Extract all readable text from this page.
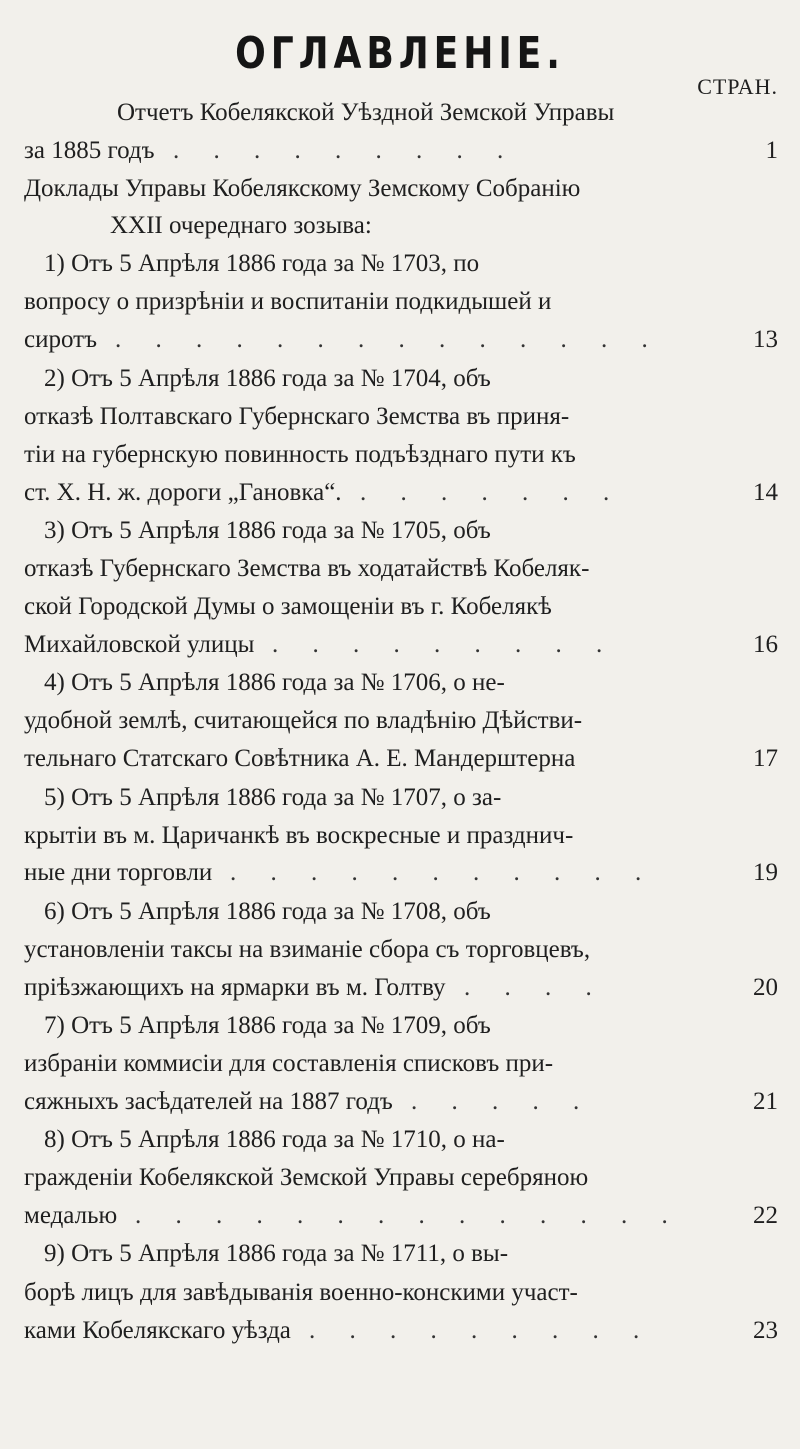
ОГЛАВЛЕНІЕ.
СТРАН.
Отчетъ Кобелякской Уѣздной Земской Управы
за 1885 годъ . . . . . . . . .	1
Доклады Управы Кобелякскому Земскому Собранію
XXII очереднаго зозыва:
1) Отъ 5 Апрѣля 1886 года за № 1703, по
вопросу о призрѣніи и воспитаніи подкидышей и
сиротъ . . . . . . . . . . . . . .	13
2) Отъ 5 Апрѣля 1886 года за № 1704, объ
отказѣ Полтавскаго Губернскаго Земства въ приня-
тіи на губернскую повинность подъѣзднаго пути къ
ст. X. Н. ж. дороги „Гановка“. . . . . . . .	14
3) Отъ 5 Апрѣля 1886 года за № 1705, объ
отказѣ Губернскаго Земства въ ходатайствѣ Кобеляк-
ской Городской Думы о замощеніи въ г. Кобелякѣ
Михайловской улицы . . . . . . . . .	16
4) Отъ 5 Апрѣля 1886 года за № 1706, о не-
удобной землѣ, считающейся по владѣнію Дѣйстви-
тельнаго Статскаго Совѣтника А. Е. Мандерштерна	17
5) Отъ 5 Апрѣля 1886 года за № 1707, о за-
крытіи въ м. Царичанкѣ въ воскресные и празднич-
ные дни торговли . . . . . . . . . . .	19
6) Отъ 5 Апрѣля 1886 года за № 1708, объ
установленіи таксы на взиманіе сбора съ торговцевъ,
пріѣзжающихъ на ярмарки въ м. Голтву . . . .	20
7) Отъ 5 Апрѣля 1886 года за № 1709, объ
избраніи коммисіи для составленія списковъ при-
сяжныхъ засѣдателей на 1887 годъ . . . . .	21
8) Отъ 5 Апрѣля 1886 года за № 1710, о на-
гражденіи Кобелякской Земской Управы серебряною
медалью . . . . . . . . . . . . . .	22
9) Отъ 5 Апрѣля 1886 года за № 1711, о вы-
борѣ лицъ для завѣдыванія военно-конскими участ-
ками Кобелякскаго уѣзда . . . . . . . . .	23
